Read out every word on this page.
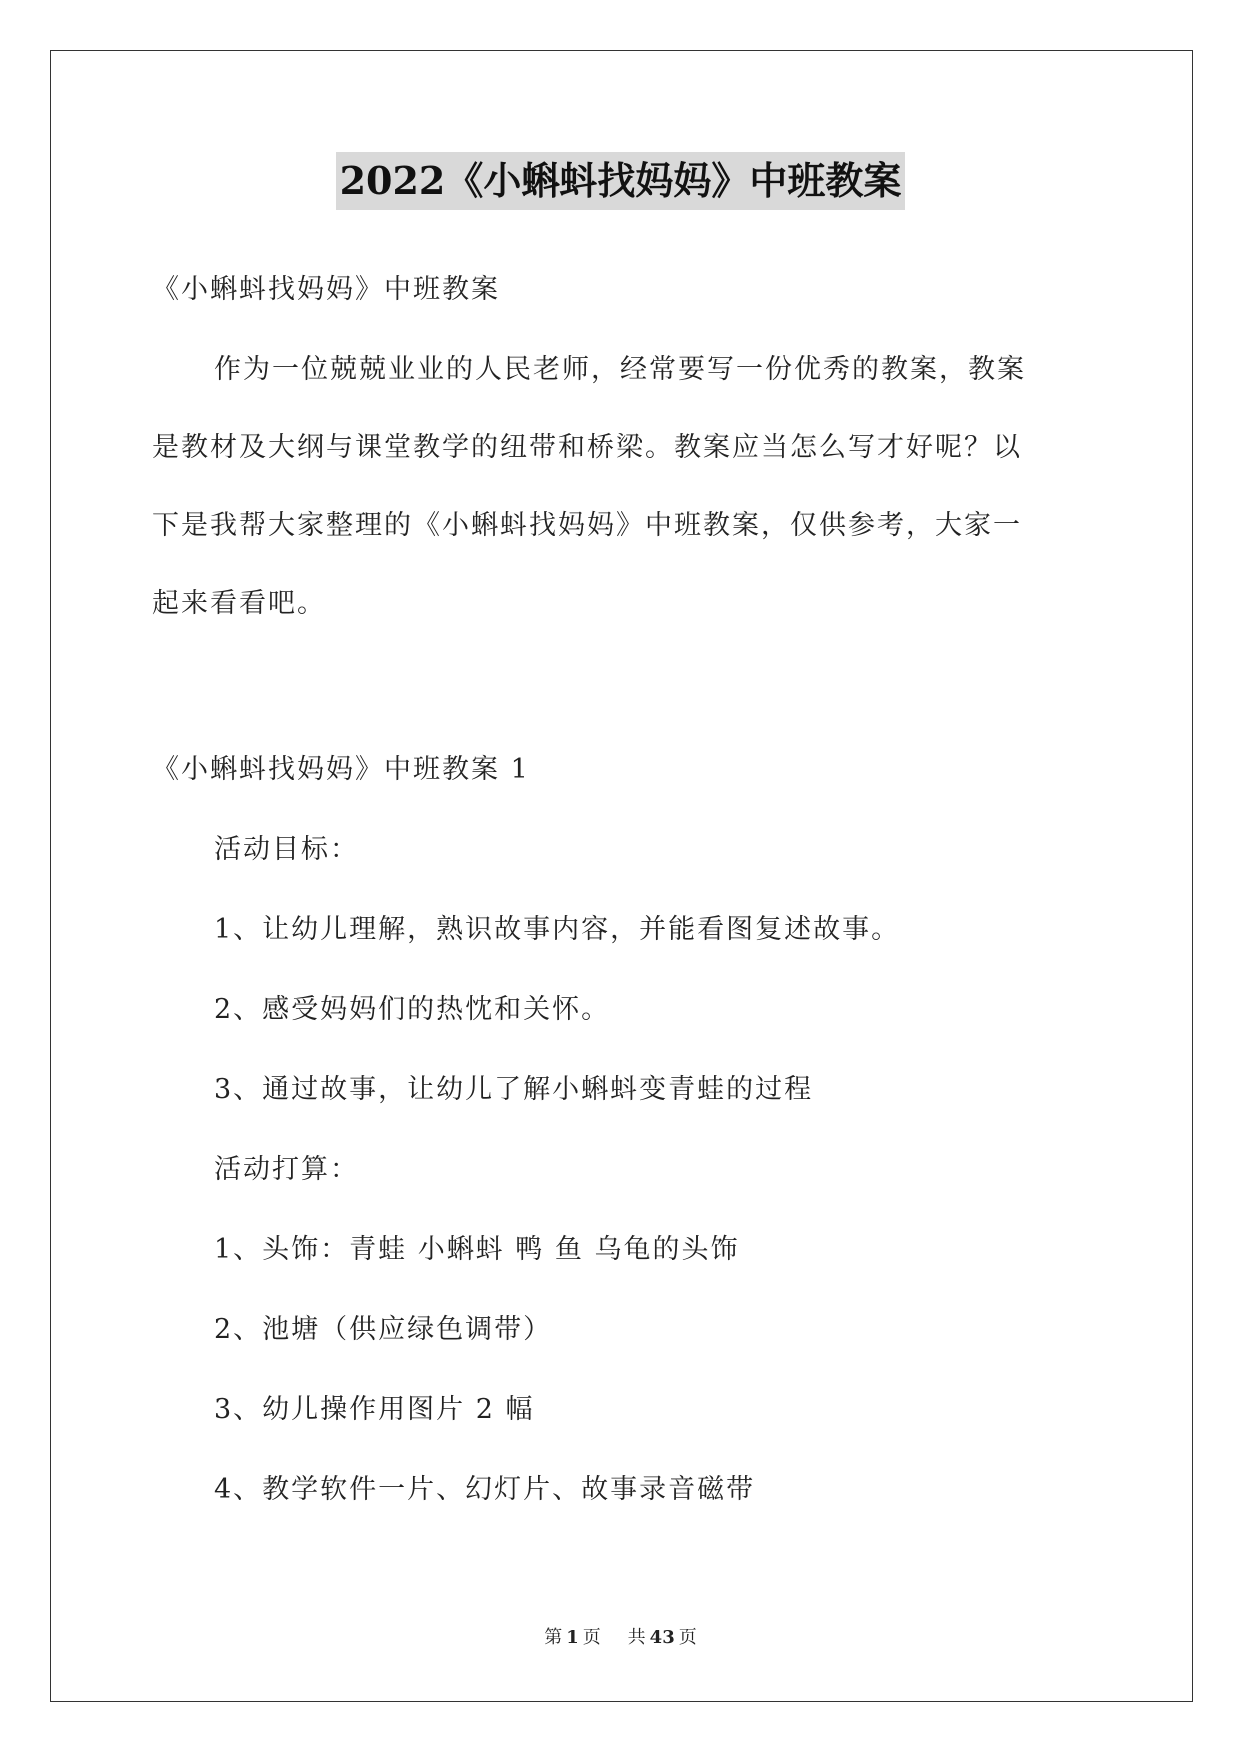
2022《小蝌蚪找妈妈》中班教案
《小蝌蚪找妈妈》中班教案
作为一位兢兢业业的人民老师，经常要写一份优秀的教案，教案
是教材及大纲与课堂教学的纽带和桥梁。教案应当怎么写才好呢？以
下是我帮大家整理的《小蝌蚪找妈妈》中班教案，仅供参考，大家一
起来看看吧。
《小蝌蚪找妈妈》中班教案 1
活动目标：
1、让幼儿理解，熟识故事内容，并能看图复述故事。
2、感受妈妈们的热忱和关怀。
3、通过故事，让幼儿了解小蝌蚪变青蛙的过程
活动打算：
1、头饰：青蛙 小蝌蚪 鸭 鱼 乌龟的头饰
2、池塘（供应绿色调带）
3、幼儿操作用图片 2 幅
4、教学软件一片、幻灯片、故事录音磁带
第 1 页 共 43 页
